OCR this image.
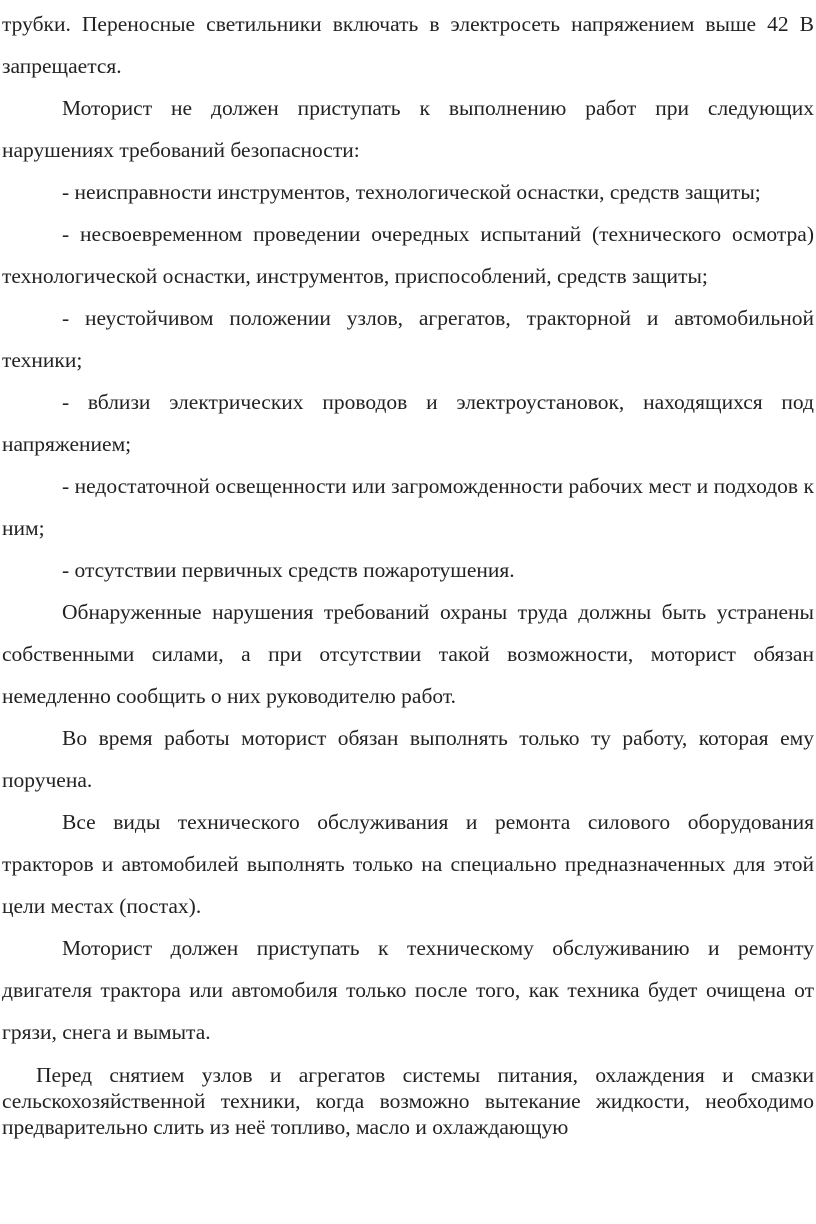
трубки. Переносные светильники включать в электросеть напряжением выше 42 В запрещается.

Моторист не должен приступать к выполнению работ при следующих нарушениях требований безопасности:

- неисправности инструментов, технологической оснастки, средств защиты;

- несвоевременном проведении очередных испытаний (технического осмотра) технологической оснастки, инструментов, приспособлений, средств защиты;

- неустойчивом положении узлов, агрегатов, тракторной и автомобильной техники;

- вблизи электрических проводов и электроустановок, находящихся под напряжением;

- недостаточной освещенности или загроможденности рабочих мест и подходов к ним;

- отсутствии первичных средств пожаротушения.

Обнаруженные нарушения требований охраны труда должны быть устранены собственными силами, а при отсутствии такой возможности, моторист обязан немедленно сообщить о них руководителю работ.

Во время работы моторист обязан выполнять только ту работу, которая ему поручена.

Все виды технического обслуживания и ремонта силового оборудования тракторов и автомобилей выполнять только на специально предназначенных для этой цели местах (постах).

Моторист должен приступать к техническому обслуживанию и ремонту двигателя трактора или автомобиля только после того, как техника будет очищена от грязи, снега и вымыта.

Перед снятием узлов и агрегатов системы питания, охлаждения и смазки сельскохозяйственной техники, когда возможно вытекание жидкости, необходимо предварительно слить из неё топливо, масло и охлаждающую
